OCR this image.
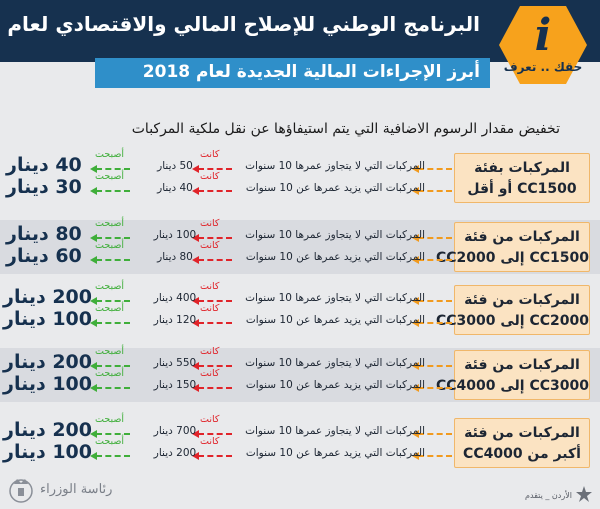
البرنامج الوطني للإصلاح المالي والاقتصادي لعام
أبرز الإجراءات المالية الجديدة لعام 2018
i
حقك .. تعرف
تخفيض مقدار الرسوم الاضافية التي يتم استيفاؤها عن نقل ملكية المركبات
المركبات بفئة
CC1500 أو أقل
المركبات التي لا يتجاوز عمرها 10 سنوات
كانت
50 دينار
أصبحت
40 دينار
المركبات التي يزيد عمرها عن 10 سنوات
كانت
40 دينار
أصبحت
30 دينار
المركبات من فئة
CC1500 إلى CC2000
المركبات التي لا يتجاوز عمرها 10 سنوات
كانت
100 دينار
أصبحت
80 دينار
المركبات التي يزيد عمرها عن 10 سنوات
كانت
80 دينار
أصبحت
60 دينار
المركبات من فئة
CC2000 إلى CC3000
المركبات التي لا يتجاوز عمرها 10 سنوات
كانت
400 دينار
أصبحت
200 دينار
المركبات التي يزيد عمرها عن 10 سنوات
كانت
120 دينار
أصبحت
100 دينار
المركبات من فئة
CC3000 إلى CC4000
المركبات التي لا يتجاوز عمرها 10 سنوات
كانت
550 دينار
أصبحت
200 دينار
المركبات التي يزيد عمرها عن 10 سنوات
كانت
150 دينار
أصبحت
100 دينار
المركبات من فئة
أكبر من CC4000
المركبات التي لا يتجاوز عمرها 10 سنوات
كانت
700 دينار
أصبحت
200 دينار
المركبات التي يزيد عمرها عن 10 سنوات
كانت
200 دينار
أصبحت
100 دينار
رئاسة الوزراء	الأردن _ يتقدم
